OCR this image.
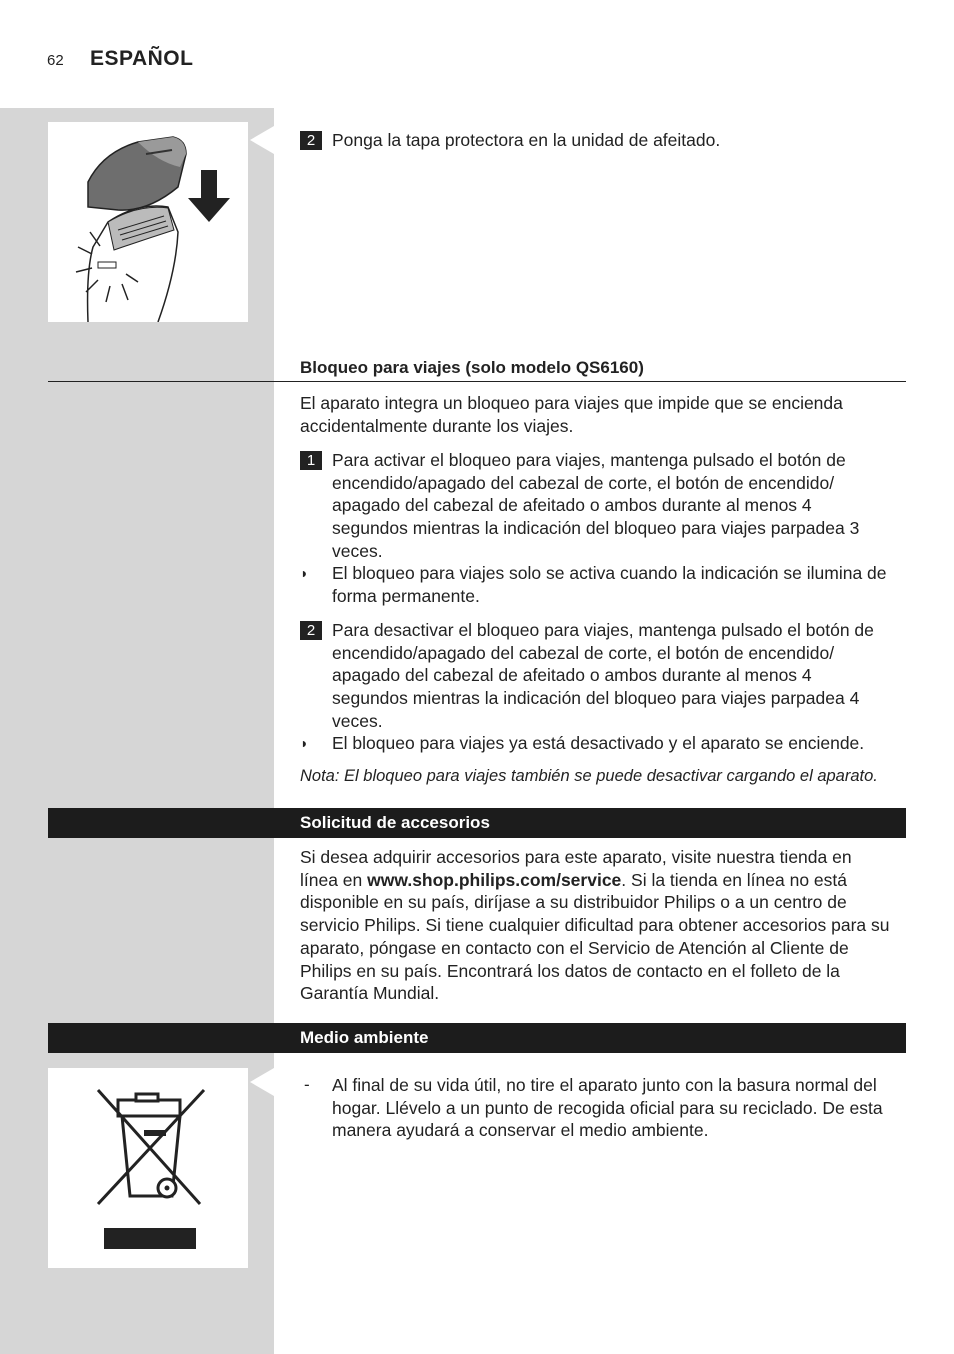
62 ESPAÑOL
2 Ponga la tapa protectora en la unidad de afeitado.
Bloqueo para viajes (solo modelo QS6160)
El aparato integra un bloqueo para viajes que impide que se encienda accidentalmente durante los viajes.
1 Para activar el bloqueo para viajes, mantenga pulsado el botón de encendido/apagado del cabezal de corte, el botón de encendido/ apagado del cabezal de afeitado o ambos durante al menos 4 segundos mientras la indicación del bloqueo para viajes parpadea 3 veces.
◗ El bloqueo para viajes solo se activa cuando la indicación se ilumina de forma permanente.
2 Para desactivar el bloqueo para viajes, mantenga pulsado el botón de encendido/apagado del cabezal de corte, el botón de encendido/ apagado del cabezal de afeitado o ambos durante al menos 4 segundos mientras la indicación del bloqueo para viajes parpadea 4 veces.
◗ El bloqueo para viajes ya está desactivado y el aparato se enciende.
Nota: El bloqueo para viajes también se puede desactivar cargando el aparato.
Solicitud de accesorios
Si desea adquirir accesorios para este aparato, visite nuestra tienda en línea en www.shop.philips.com/service. Si la tienda en línea no está disponible en su país, diríjase a su distribuidor Philips o a un centro de servicio Philips. Si tiene cualquier dificultad para obtener accesorios para su aparato, póngase en contacto con el Servicio de Atención al Cliente de Philips en su país. Encontrará los datos de contacto en el folleto de la Garantía Mundial.
Medio ambiente
- Al final de su vida útil, no tire el aparato junto con la basura normal del hogar. Llévelo a un punto de recogida oficial para su reciclado. De esta manera ayudará a conservar el medio ambiente.
